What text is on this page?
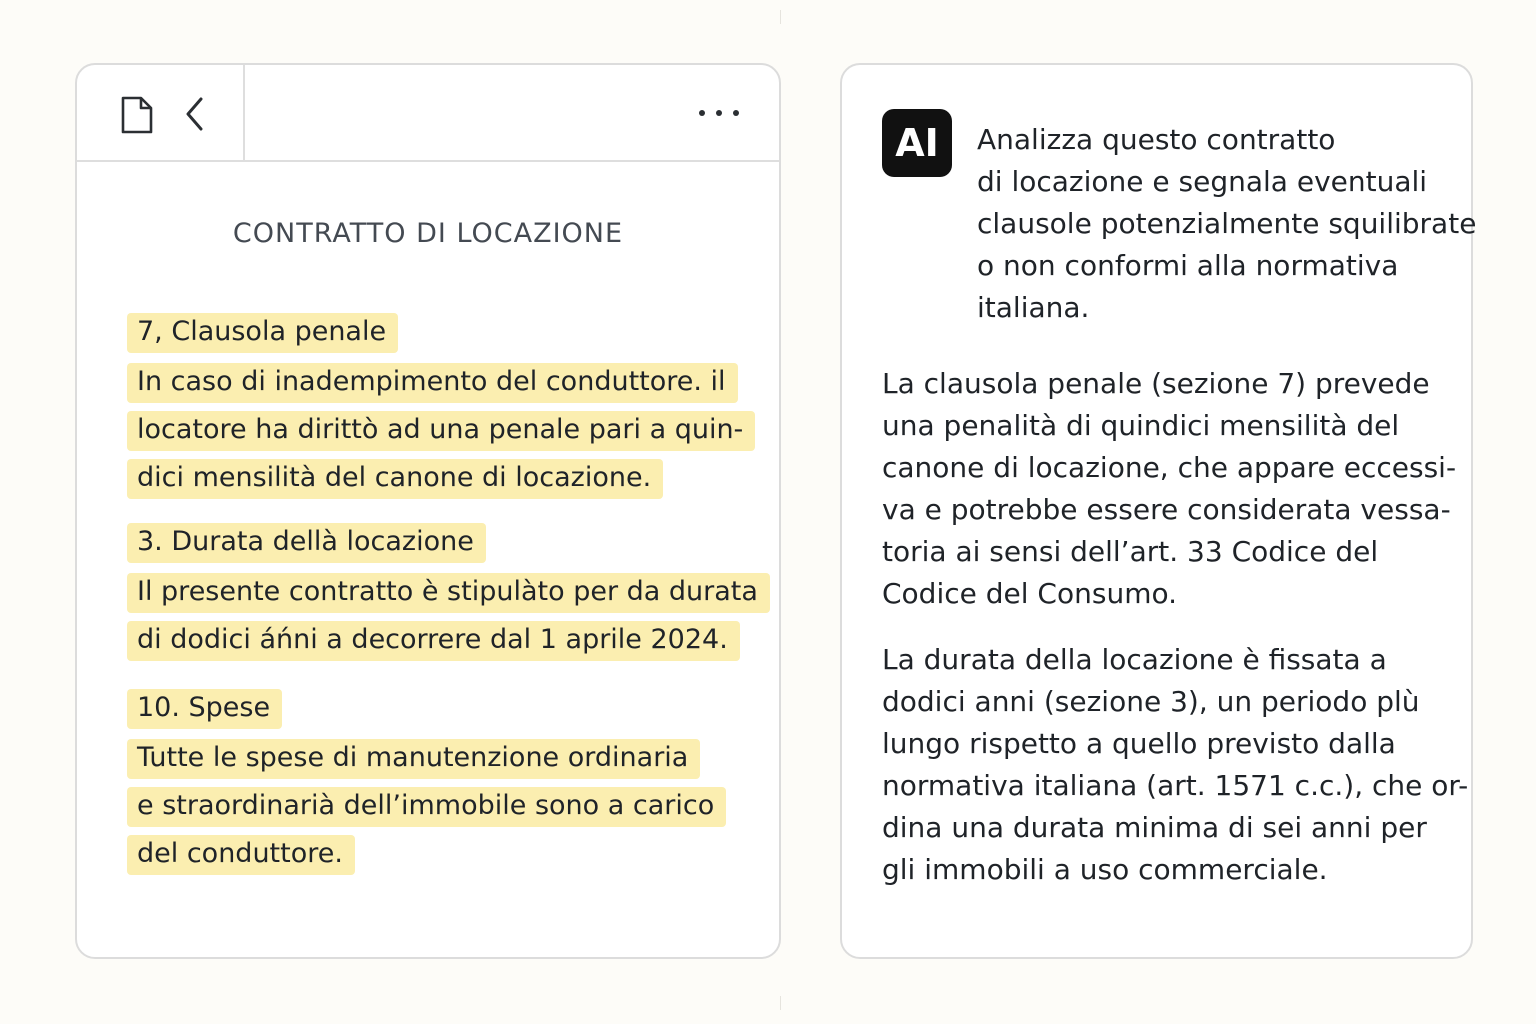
CONTRATTO DI LOCAZIONE
7, Clausola penale
In caso di inadempimento del conduttore. il
locatore ha dirittò ad una penale pari a quin-
dici mensilità del canone di locazione.
3. Durata dellà locazione
Il presente contratto è stipulàto per da durata
di dodici áńni a decorrere dal 1 aprile 2024.
10. Spese
Tutte le spese di manutenzione ordinaria
e straordinarià dell’immobile sono a carico
del conduttore.
AI	Analizza questo contratto
di locazione e segnala eventuali
clausole potenzialmente squilibrate
o non conformi alla normativa
italiana.
La clausola penale (sezione 7) prevede
una penalità di quindici mensilità del
canone di locazione, che appare eccessi-
va e potrebbe essere considerata vessa-
toria ai sensi dell’art. 33 Codice del
Codice del Consumo.
La durata della locazione è fissata a
dodici anni (sezione 3), un periodo plù
lungo rispetto a quello previsto dalla
normativa italiana (art. 1571 c.c.), che or-
dina una durata minima di sei anni per
gli immobili a uso commerciale.
